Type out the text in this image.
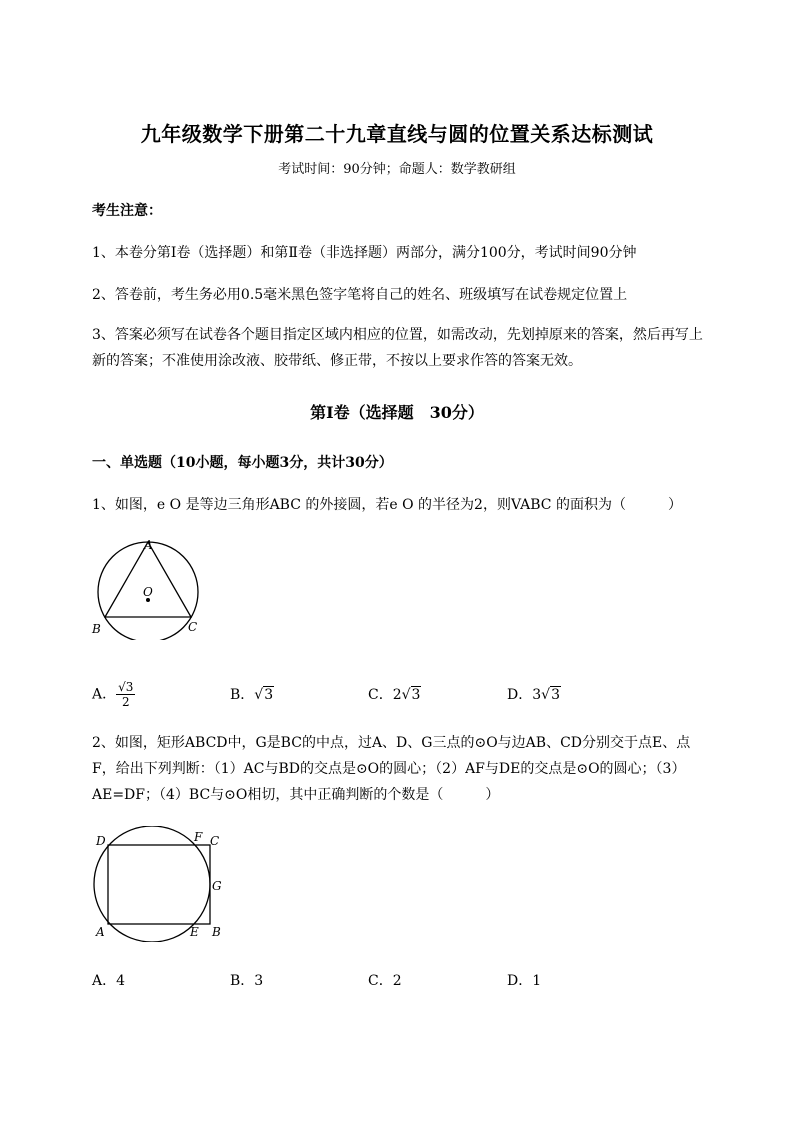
九年级数学下册第二十九章直线与圆的位置关系达标测试
考试时间：90分钟；命题人：数学教研组
考生注意：
1、本卷分第I卷（选择题）和第Ⅱ卷（非选择题）两部分，满分100分，考试时间90分钟
2、答卷前，考生务必用0.5毫米黑色签字笔将自己的姓名、班级填写在试卷规定位置上
3、答案必须写在试卷各个题目指定区域内相应的位置，如需改动，先划掉原来的答案，然后再写上新的答案；不准使用涂改液、胶带纸、修正带，不按以上要求作答的答案无效。
第I卷（选择题　30分）
一、单选题（10小题，每小题3分，共计30分）
1、如图，e O 是等边三角形ABC 的外接圆，若e O 的半径为2，则VABC 的面积为（　　　）
A
O
B	C
A． $\frac{√3}{2}$	B．√3	C．2√3	D．3√3
2、如图，矩形ABCD中，G是BC的中点，过A、D、G三点的⊙O与边AB、CD分别交于点E、点F，给出下列判断：（1）AC与BD的交点是⊙O的圆心；（2）AF与DE的交点是⊙O的圆心；（3）AE=DF；（4）BC与⊙O相切，其中正确判断的个数是（　　　）
D	F C
G
A	E B
A．4	B．3	C．2	D．1
